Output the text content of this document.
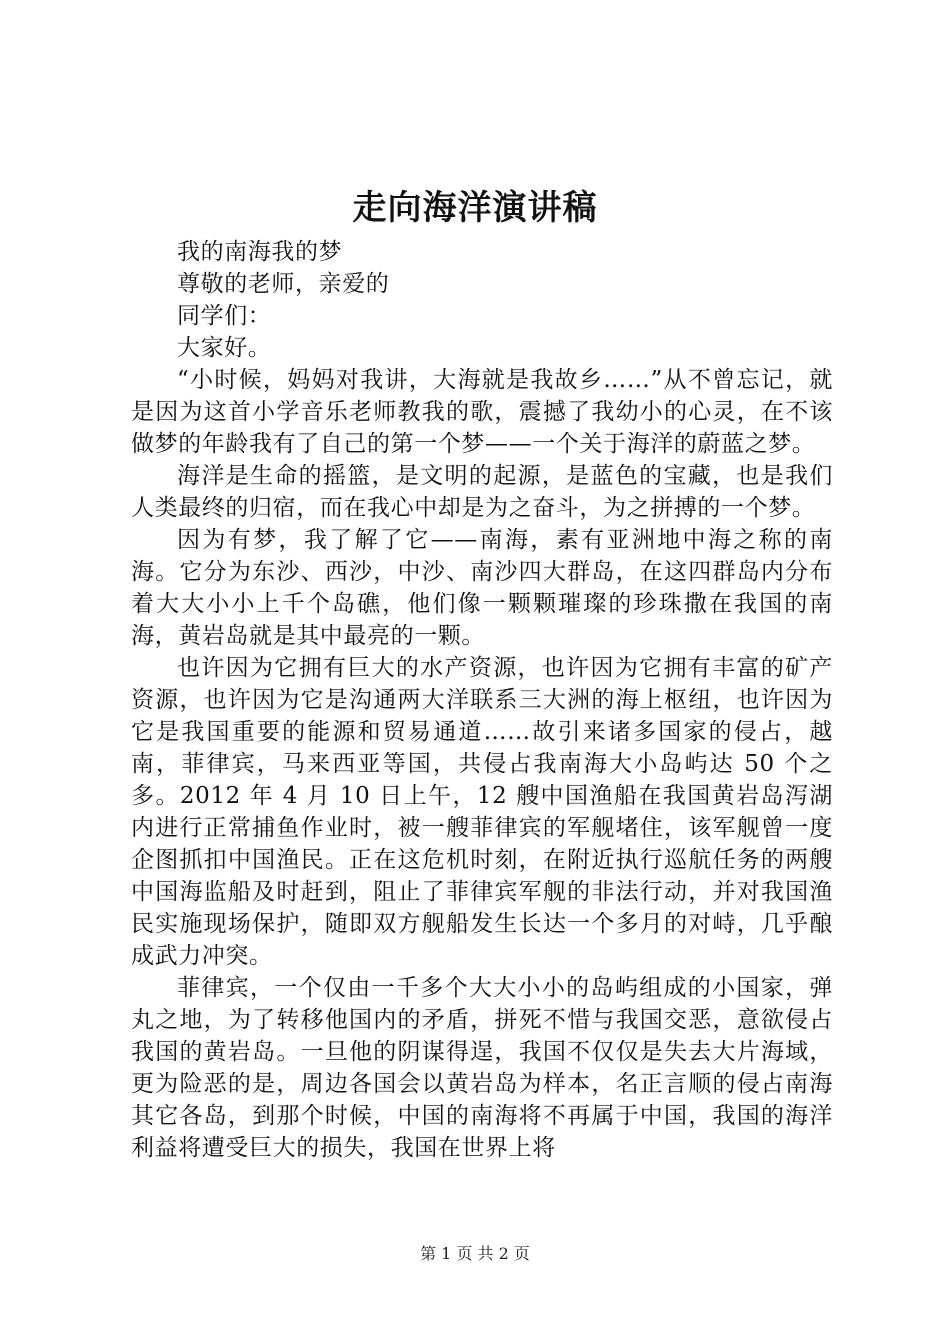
走向海洋演讲稿

我的南海我的梦

尊敬的老师，亲爱的

同学们：

大家好。

“小时候，妈妈对我讲，大海就是我故乡……”从不曾忘记，就是因为这首小学音乐老师教我的歌，震撼了我幼小的心灵，在不该做梦的年龄我有了自己的第一个梦——一个关于海洋的蔚蓝之梦。

海洋是生命的摇篮，是文明的起源，是蓝色的宝藏，也是我们人类最终的归宿，而在我心中却是为之奋斗，为之拼搏的一个梦。

因为有梦，我了解了它——南海，素有亚洲地中海之称的南海。它分为东沙、西沙，中沙、南沙四大群岛，在这四群岛内分布着大大小小上千个岛礁，他们像一颗颗璀璨的珍珠撒在我国的南海，黄岩岛就是其中最亮的一颗。

也许因为它拥有巨大的水产资源，也许因为它拥有丰富的矿产资源，也许因为它是沟通两大洋联系三大洲的海上枢纽，也许因为它是我国重要的能源和贸易通道……故引来诸多国家的侵占，越南，菲律宾，马来西亚等国，共侵占我南海大小岛屿达 50 个之多。2012 年 4 月 10 日上午，12 艘中国渔船在我国黄岩岛泻湖内进行正常捕鱼作业时，被一艘菲律宾的军舰堵住，该军舰曾一度企图抓扣中国渔民。正在这危机时刻，在附近执行巡航任务的两艘中国海监船及时赶到，阻止了菲律宾军舰的非法行动，并对我国渔民实施现场保护，随即双方舰船发生长达一个多月的对峙，几乎酿成武力冲突。

菲律宾，一个仅由一千多个大大小小的岛屿组成的小国家，弹丸之地，为了转移他国内的矛盾，拼死不惜与我国交恶，意欲侵占我国的黄岩岛。一旦他的阴谋得逞，我国不仅仅是失去大片海域，更为险恶的是，周边各国会以黄岩岛为样本，名正言顺的侵占南海其它各岛，到那个时候，中国的南海将不再属于中国，我国的海洋利益将遭受巨大的损失，我国在世界上将

第 1 页 共 2 页
